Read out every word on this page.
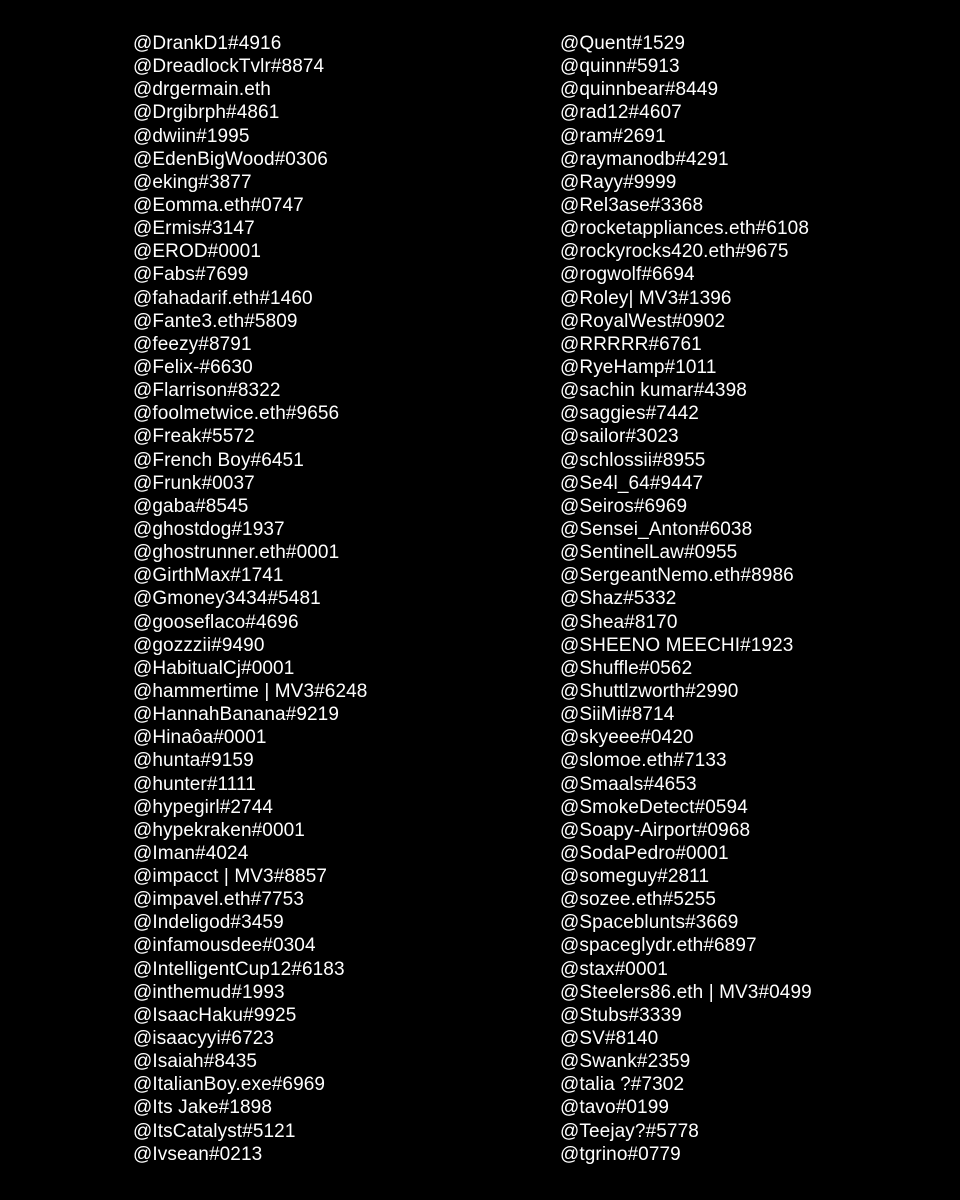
@DrankD1#4916
@DreadlockTvlr#8874
@drgermain.eth
@Drgibrph#4861
@dwiin#1995
@EdenBigWood#0306
@eking#3877
@Eomma.eth#0747
@Ermis#3147
@EROD#0001
@Fabs#7699
@fahadarif.eth#1460
@Fante3.eth#5809
@feezy#8791
@Felix-#6630
@Flarrison#8322
@foolmetwice.eth#9656
@Freak#5572
@French Boy#6451
@Frunk#0037
@gaba#8545
@ghostdog#1937
@ghostrunner.eth#0001
@GirthMax#1741
@Gmoney3434#5481
@gooseflaco#4696
@gozzzii#9490
@HabitualCj#0001
@hammertime | MV3#6248
@HannahBanana#9219
@Hinaôa#0001
@hunta#9159
@hunter#1111
@hypegirl#2744
@hypekraken#0001
@Iman#4024
@impacct | MV3#8857
@impavel.eth#7753
@Indeligod#3459
@infamousdee#0304
@IntelligentCup12#6183
@inthemud#1993
@IsaacHaku#9925
@isaacyyi#6723
@Isaiah#8435
@ItalianBoy.exe#6969
@Its Jake#1898
@ItsCatalyst#5121
@Ivsean#0213
@Quent#1529
@quinn#5913
@quinnbear#8449
@rad12#4607
@ram#2691
@raymanodb#4291
@Rayy#9999
@Rel3ase#3368
@rocketappliances.eth#6108
@rockyrocks420.eth#9675
@rogwolf#6694
@Roley| MV3#1396
@RoyalWest#0902
@RRRRR#6761
@RyeHamp#1011
@sachin kumar#4398
@saggies#7442
@sailor#3023
@schlossii#8955
@Se4l_64#9447
@Seiros#6969
@Sensei_Anton#6038
@SentinelLaw#0955
@SergeantNemo.eth#8986
@Shaz#5332
@Shea#8170
@SHEENO MEECHI#1923
@Shuffle#0562
@Shuttlzworth#2990
@SiiMi#8714
@skyeee#0420
@slomoe.eth#7133
@Smaals#4653
@SmokeDetect#0594
@Soapy-Airport#0968
@SodaPedro#0001
@someguy#2811
@sozee.eth#5255
@Spaceblunts#3669
@spaceglydr.eth#6897
@stax#0001
@Steelers86.eth | MV3#0499
@Stubs#3339
@SV#8140
@Swank#2359
@talia ?#7302
@tavo#0199
@Teejay?#5778
@tgrino#0779
